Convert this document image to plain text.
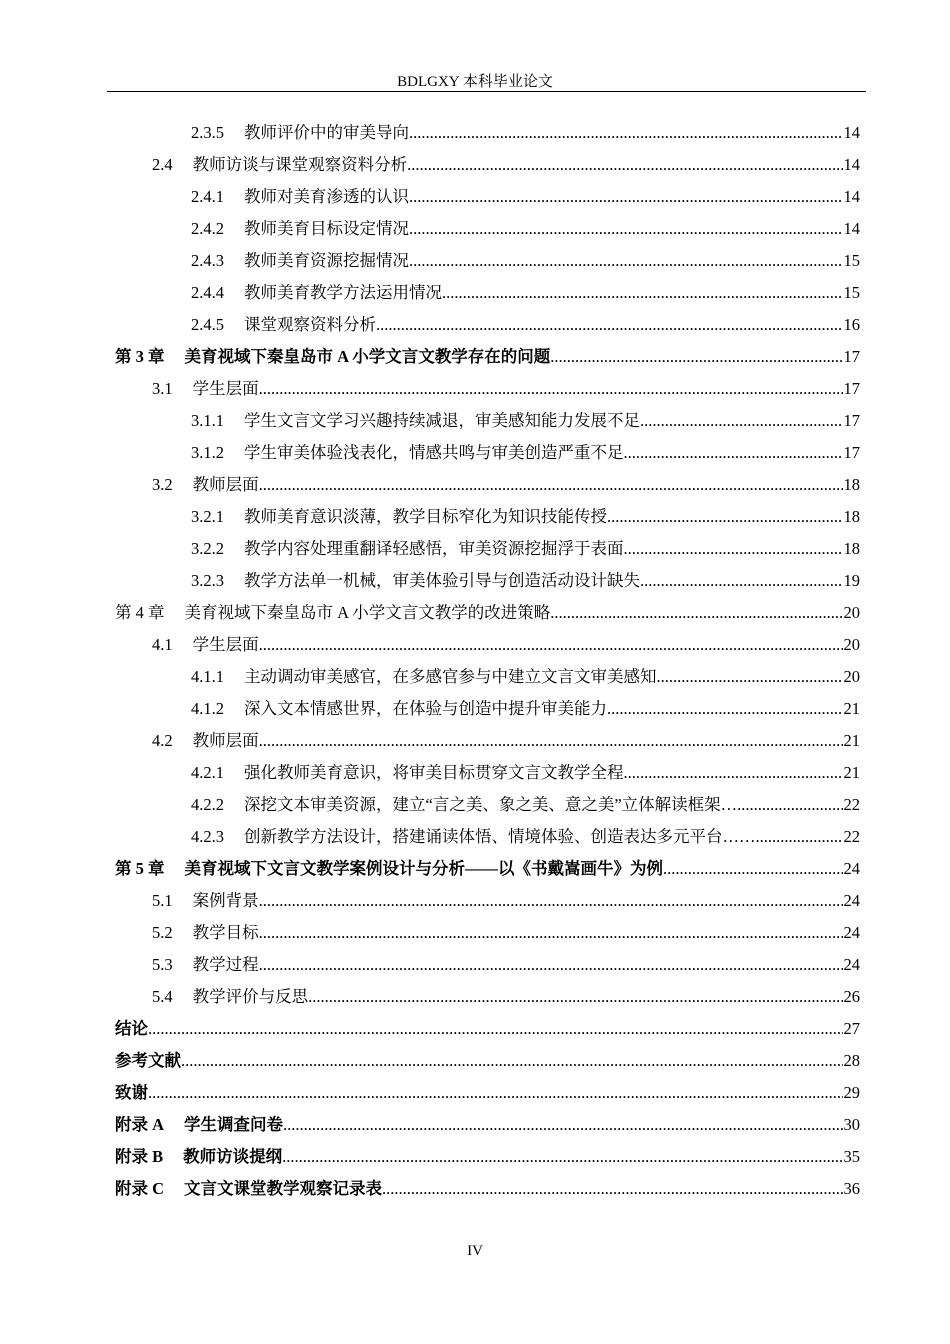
BDLGXY 本科毕业论文
2.3.5 教师评价中的审美导向 .....	14
2.4 教师访谈与课堂观察资料分析 .....	14
2.4.1 教师对美育渗透的认识 .....	14
2.4.2 教师美育目标设定情况 .....	14
2.4.3 教师美育资源挖掘情况 .....	15
2.4.4 教师美育教学方法运用情况 .....	15
2.4.5 课堂观察资料分析 .....	16
第 3 章 美育视域下秦皇岛市 A 小学文言文教学存在的问题 .....	17
3.1 学生层面 .....	17
3.1.1 学生文言文学习兴趣持续减退，审美感知能力发展不足 .....	17
3.1.2 学生审美体验浅表化，情感共鸣与审美创造严重不足 .....	17
3.2 教师层面 .....	18
3.2.1 教师美育意识淡薄，教学目标窄化为知识技能传授 .....	18
3.2.2 教学内容处理重翻译轻感悟，审美资源挖掘浮于表面 .....	18
3.2.3 教学方法单一机械，审美体验引导与创造活动设计缺失 .....	19
第 4 章 美育视域下秦皇岛市 A 小学文言文教学的改进策略 .....	20
4.1 学生层面 .....	20
4.1.1 主动调动审美感官，在多感官参与中建立文言文审美感知 .....	20
4.1.2 深入文本情感世界，在体验与创造中提升审美能力 .....	21
4.2 教师层面 .....	21
4.2.1 强化教师美育意识，将审美目标贯穿文言文教学全程 .....	21
4.2.2 深挖文本审美资源，建立“言之美、象之美、意之美”立体解读框架… .....	22
4.2.3 创新教学方法设计，搭建诵读体悟、情境体验、创造表达多元平台…… .....	22
第 5 章 美育视域下文言文教学案例设计与分析——以《书戴嵩画牛》为例 .....	24
5.1 案例背景 .....	24
5.2 教学目标 .....	24
5.3 教学过程 .....	24
5.4 教学评价与反思 .....	26
结论 .....	27
参考文献 .....	28
致谢 .....	29
附录 A 学生调查问卷 .....	30
附录 B 教师访谈提纲 .....	35
附录 C 文言文课堂教学观察记录表 .....	36
IV
